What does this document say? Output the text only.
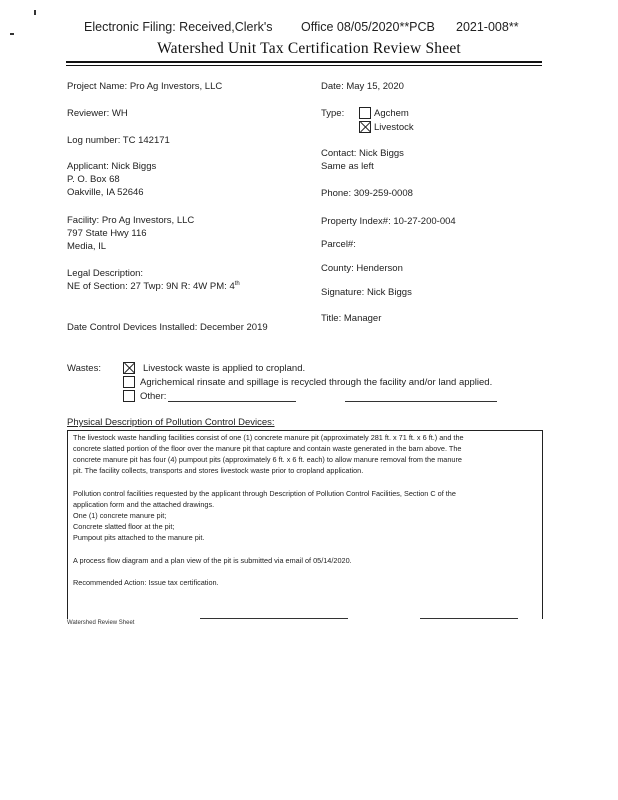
Electronic Filing: Received,Clerk's Office 08/05/2020**PCB 2021-008**
Watershed Unit Tax Certification Review Sheet
Project Name: Pro Ag Investors, LLC
Reviewer: WH
Log number: TC 142171
Applicant: Nick Biggs
P. O. Box 68
Oakville, IA 52646
Facility: Pro Ag Investors, LLC
797 State Hwy 116
Media, IL
Legal Description:
NE of Section: 27 Twp: 9N R: 4W PM: 4th
Date Control Devices Installed: December 2019
Date: May 15, 2020
Type:	Agchem
Livestock
Contact: Nick Biggs
Same as left
Phone: 309-259-0008
Property Index#: 10-27-200-004
Parcel#:
County: Henderson
Signature: Nick Biggs
Title: Manager
Wastes:	Livestock waste is applied to cropland.
Agrichemical rinsate and spillage is recycled through the facility and/or land applied.
Other:
Physical Description of Pollution Control Devices:
The livestock waste handling facilities consist of one (1) concrete manure pit (approximately 281 ft. x 71 ft. x 6 ft.) and the
concrete slatted portion of the floor over the manure pit that capture and contain waste generated in the barn above. The
concrete manure pit has four (4) pumpout pits (approximately 6 ft. x 6 ft. each) to allow manure removal from the manure
pit. The facility collects, transports and stores livestock waste prior to cropland application.
Pollution control facilities requested by the applicant through Description of Pollution Control Facilities, Section C of the
application form and the attached drawings.
One (1) concrete manure pit;
Concrete slatted floor at the pit;
Pumpout pits attached to the manure pit.
A process flow diagram and a plan view of the pit is submitted via email of 05/14/2020.
Recommended Action: Issue tax certification.
Watershed Review Sheet
